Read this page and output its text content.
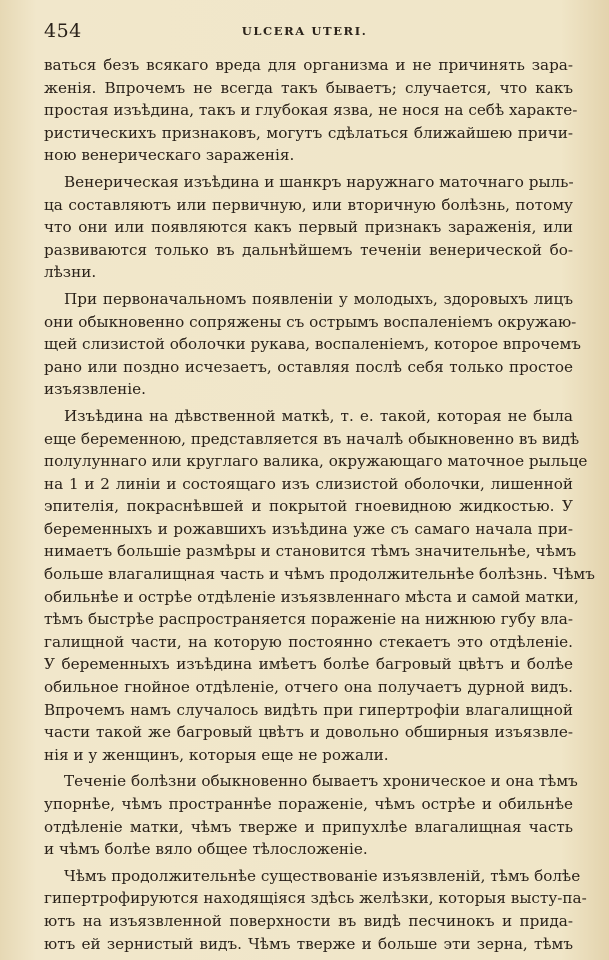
454	ULCERA UTERI.

ваться безъ всякаго вреда для организма и не причинять зара-
женія. Впрочемъ не всегда такъ бываетъ; случается, что какъ
простая изъѣдина, такъ и глубокая язва, не нося на себѣ характе-
ристическихъ признаковъ, могутъ сдѣлаться ближайшею причи-
ною венерическаго зараженія.

Венерическая изъѣдина и шанкръ наружнаго маточнаго рыль-
ца составляютъ или первичную, или вторичную болѣзнь, потому
что они или появляются какъ первый признакъ зараженія, или
развиваются только въ дальнѣйшемъ теченіи венерической бо-
лѣзни.

При первоначальномъ появленіи у молодыхъ, здоровыхъ лицъ
они обыкновенно сопряжены съ острымъ воспаленіемъ окружаю-
щей слизистой оболочки рукава, воспаленіемъ, которое впрочемъ
рано или поздно исчезаетъ, оставляя послѣ себя только простое
изъязвленіе.

Изъѣдина на дѣвственной маткѣ, т. е. такой, которая не была
еще беременною, представляется въ началѣ обыкновенно въ видѣ
полулуннаго или круглаго валика, окружающаго маточное рыльце
на 1 и 2 линіи и состоящаго изъ слизистой оболочки, лишенной
эпителія, покраснѣвшей и покрытой гноевидною жидкостью. У
беременныхъ и рожавшихъ изъѣдина уже съ самаго начала при-
нимаетъ большіе размѣры и становится тѣмъ значительнѣе, чѣмъ
больше влагалищная часть и чѣмъ продолжительнѣе болѣзнь. Чѣмъ
обильнѣе и острѣе отдѣленіе изъязвленнаго мѣста и самой матки,
тѣмъ быстрѣе распространяется пораженіе на нижнюю губу вла-
галищной части, на которую постоянно стекаетъ это отдѣленіе.
У беременныхъ изъѣдина имѣетъ болѣе багровый цвѣтъ и болѣе
обильное гнойное отдѣленіе, отчего она получаетъ дурной видъ.
Впрочемъ намъ случалось видѣть при гипертрофіи влагалищной
части такой же багровый цвѣтъ и довольно обширныя изъязвле-
нія и у женщинъ, которыя еще не рожали.

Теченіе болѣзни обыкновенно бываетъ хроническое и она тѣмъ
упорнѣе, чѣмъ пространнѣе пораженіе, чѣмъ острѣе и обильнѣе
отдѣленіе матки, чѣмъ тверже и припухлѣе влагалищная часть
и чѣмъ болѣе вяло общее тѣлосложеніе.

Чѣмъ продолжительнѣе существованіе изъязвленій, тѣмъ болѣе
гипертрофируются находящіяся здѣсь желѣзки, которыя высту-па-
ютъ на изъязвленной поверхности въ видѣ песчинокъ и прида-
ютъ ей зернистый видъ. Чѣмъ тверже и больше эти зерна, тѣмъ
